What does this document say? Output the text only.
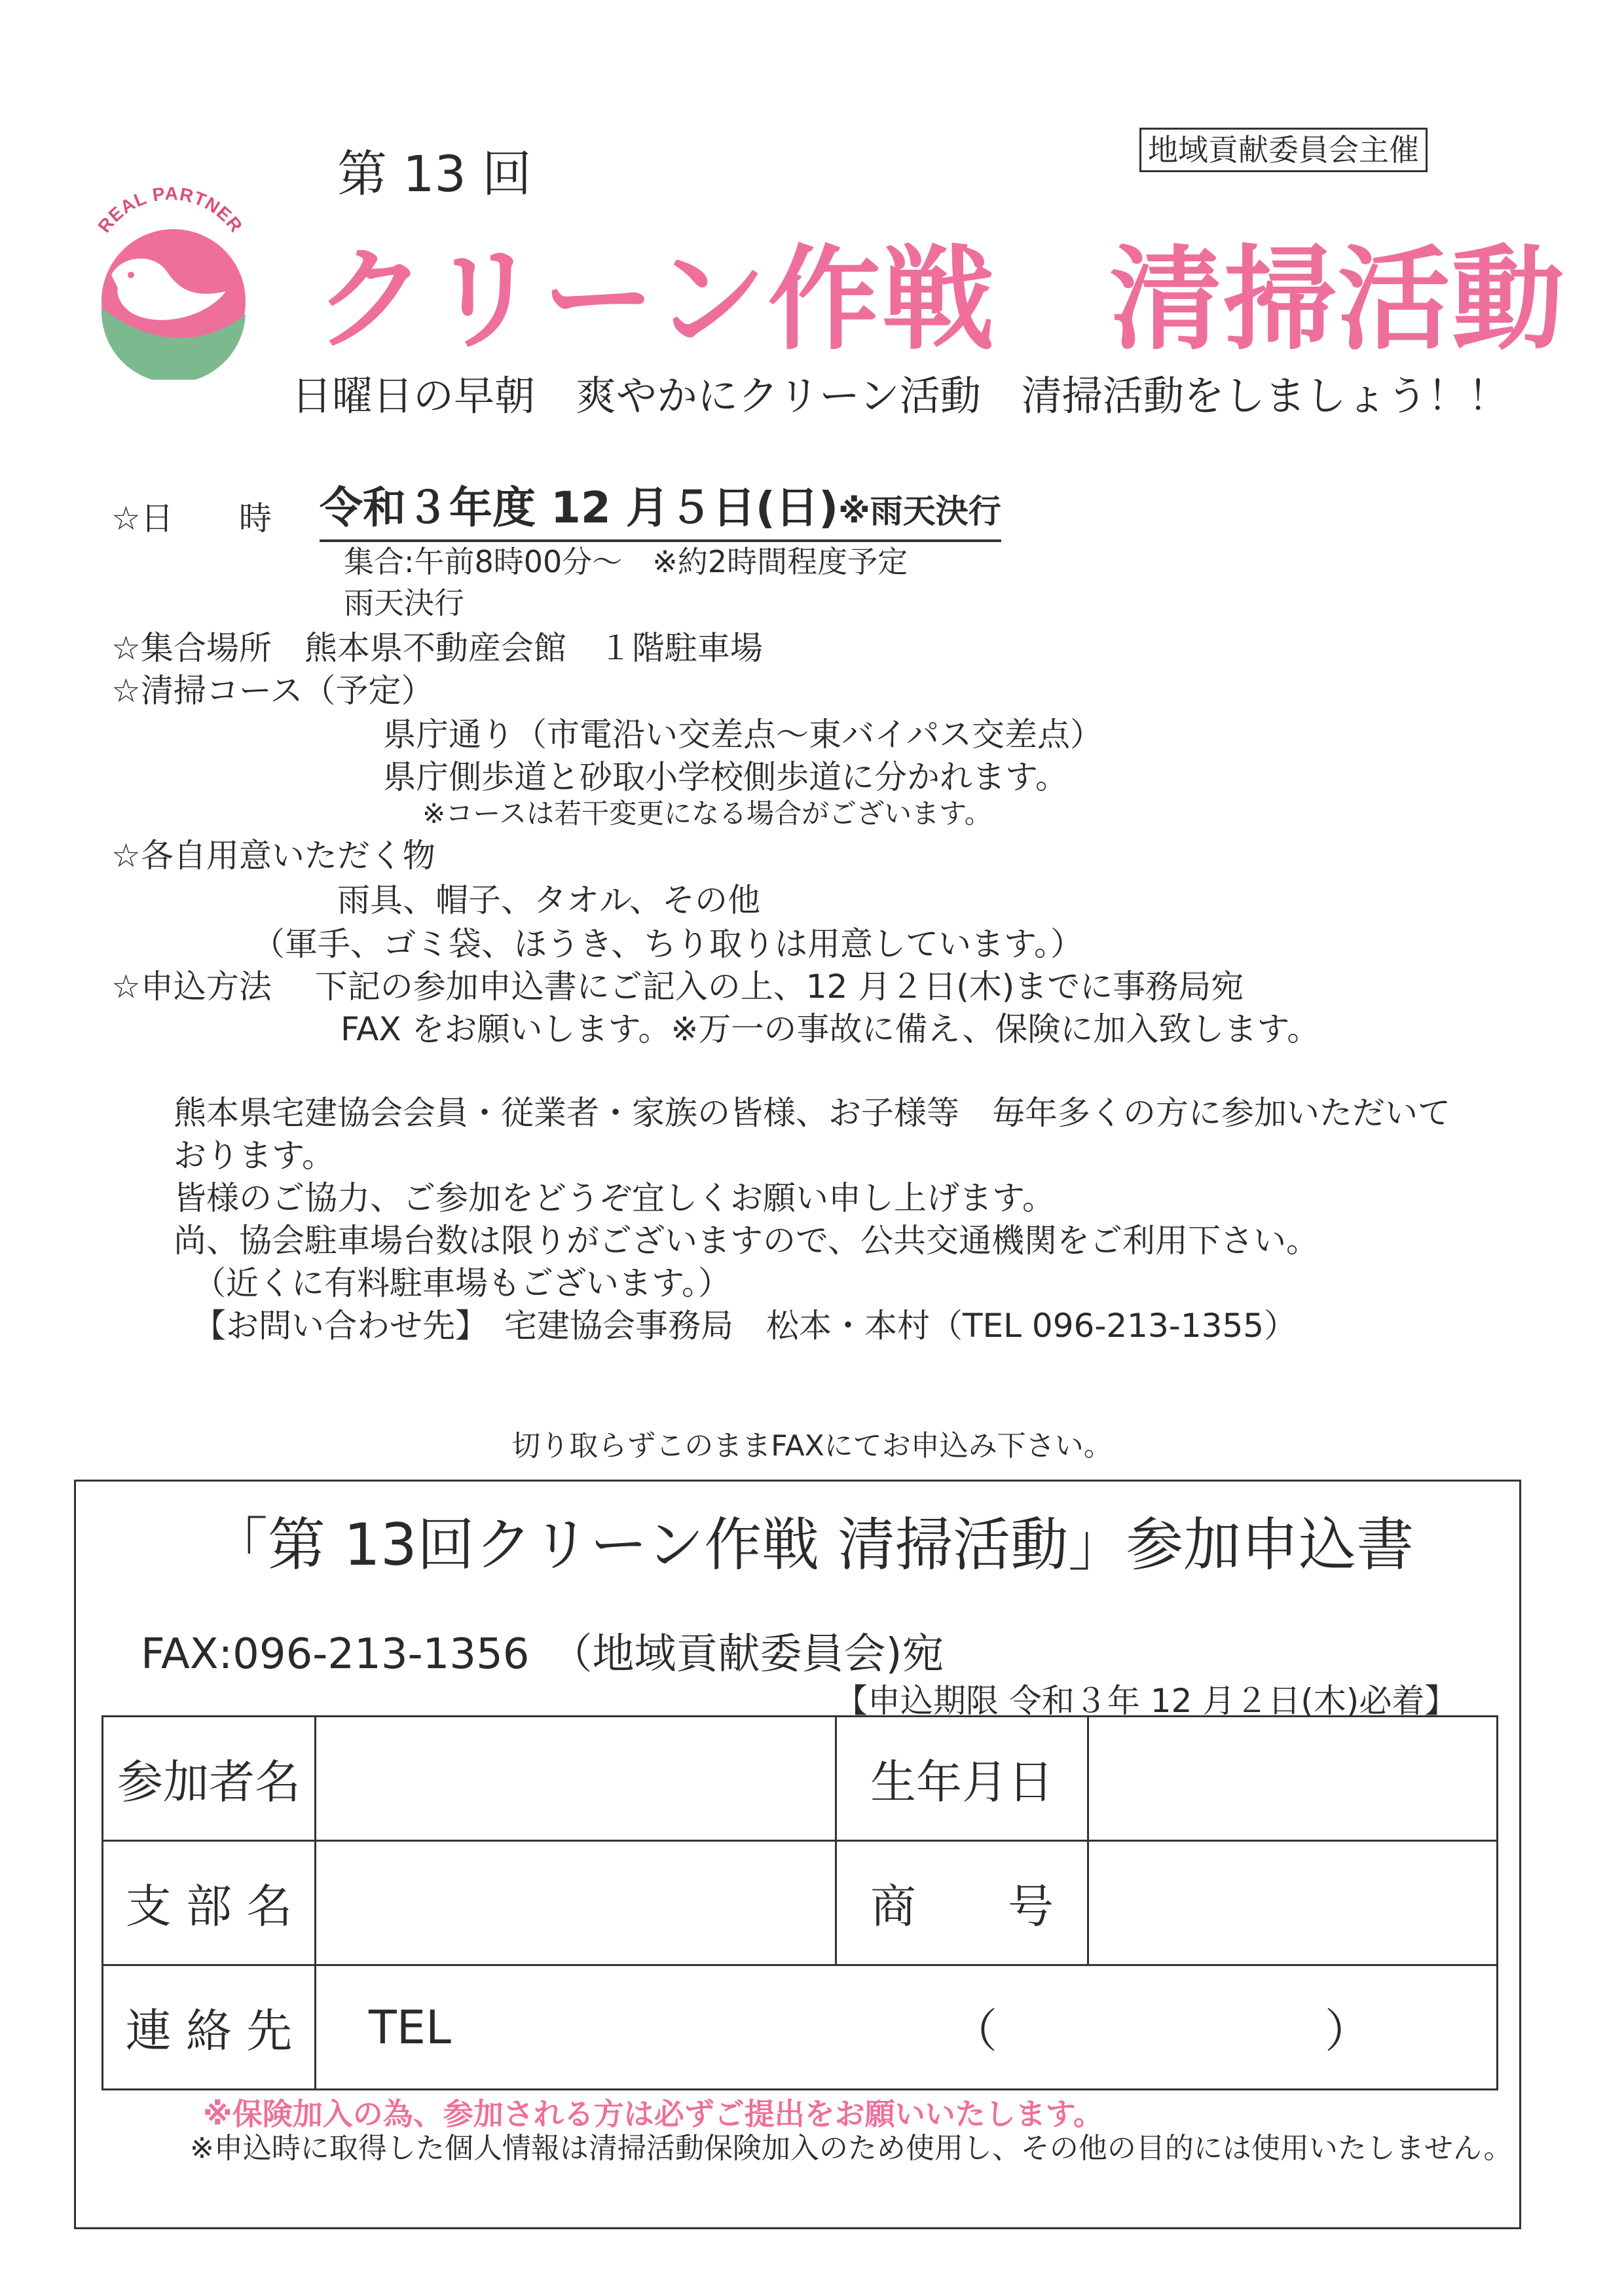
地域貢献委員会主催
REAL PARTNER
第 13 回
クリーン作戦　清掃活動
日曜日の早朝　爽やかにクリーン活動　清掃活動をしましょう！！
☆日　　時 令和３年度 12 月５日(日)※雨天決行
集合:午前8時00分～　※約2時間程度予定
雨天決行
☆集合場所　熊本県不動産会館　１階駐車場
☆清掃コース（予定）
県庁通り（市電沿い交差点～東バイパス交差点）
県庁側歩道と砂取小学校側歩道に分かれます。
※コースは若干変更になる場合がございます。
☆各自用意いただく物
雨具、帽子、タオル、その他
（軍手、ゴミ袋、ほうき、ちり取りは用意しています。）
☆申込方法　 下記の参加申込書にご記入の上、12 月２日(木)までに事務局宛
FAX をお願いします。※万一の事故に備え、保険に加入致します。
熊本県宅建協会会員・従業者・家族の皆様、お子様等　毎年多くの方に参加いただいて
おります。
皆様のご協力、ご参加をどうぞ宜しくお願い申し上げます。
尚、協会駐車場台数は限りがございますので、公共交通機関をご利用下さい。
（近くに有料駐車場もございます。）
【お問い合わせ先】　宅建協会事務局　松本・本村（TEL 096-213-1355）
切り取らずこのままFAXにてお申込み下さい。
「第 13回クリーン作戦 清掃活動」参加申込書
FAX:096-213-1356　（地域貢献委員会)宛
【申込期限 令和３年 12 月２日(木)必着】
参加者名		生年月日	
支 部 名		商　　号	
連 絡 先	TEL （ ）		
※保険加入の為、参加される方は必ずご提出をお願いいたします。
※申込時に取得した個人情報は清掃活動保険加入のため使用し、その他の目的には使用いたしません。
